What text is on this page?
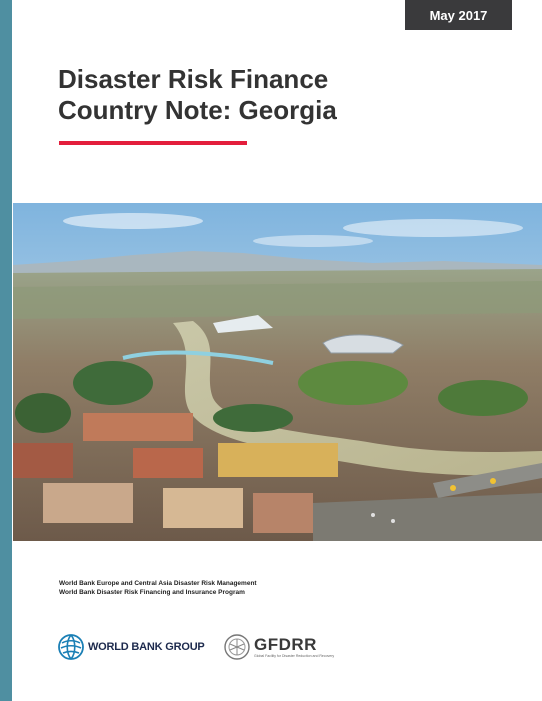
May 2017
Disaster Risk Finance
Country Note: Georgia
World Bank Europe and Central Asia Disaster Risk Management
World Bank Disaster Risk Financing and Insurance Program
WORLD BANK GROUP	GFDRR
Global Facility for Disaster Reduction and Recovery
